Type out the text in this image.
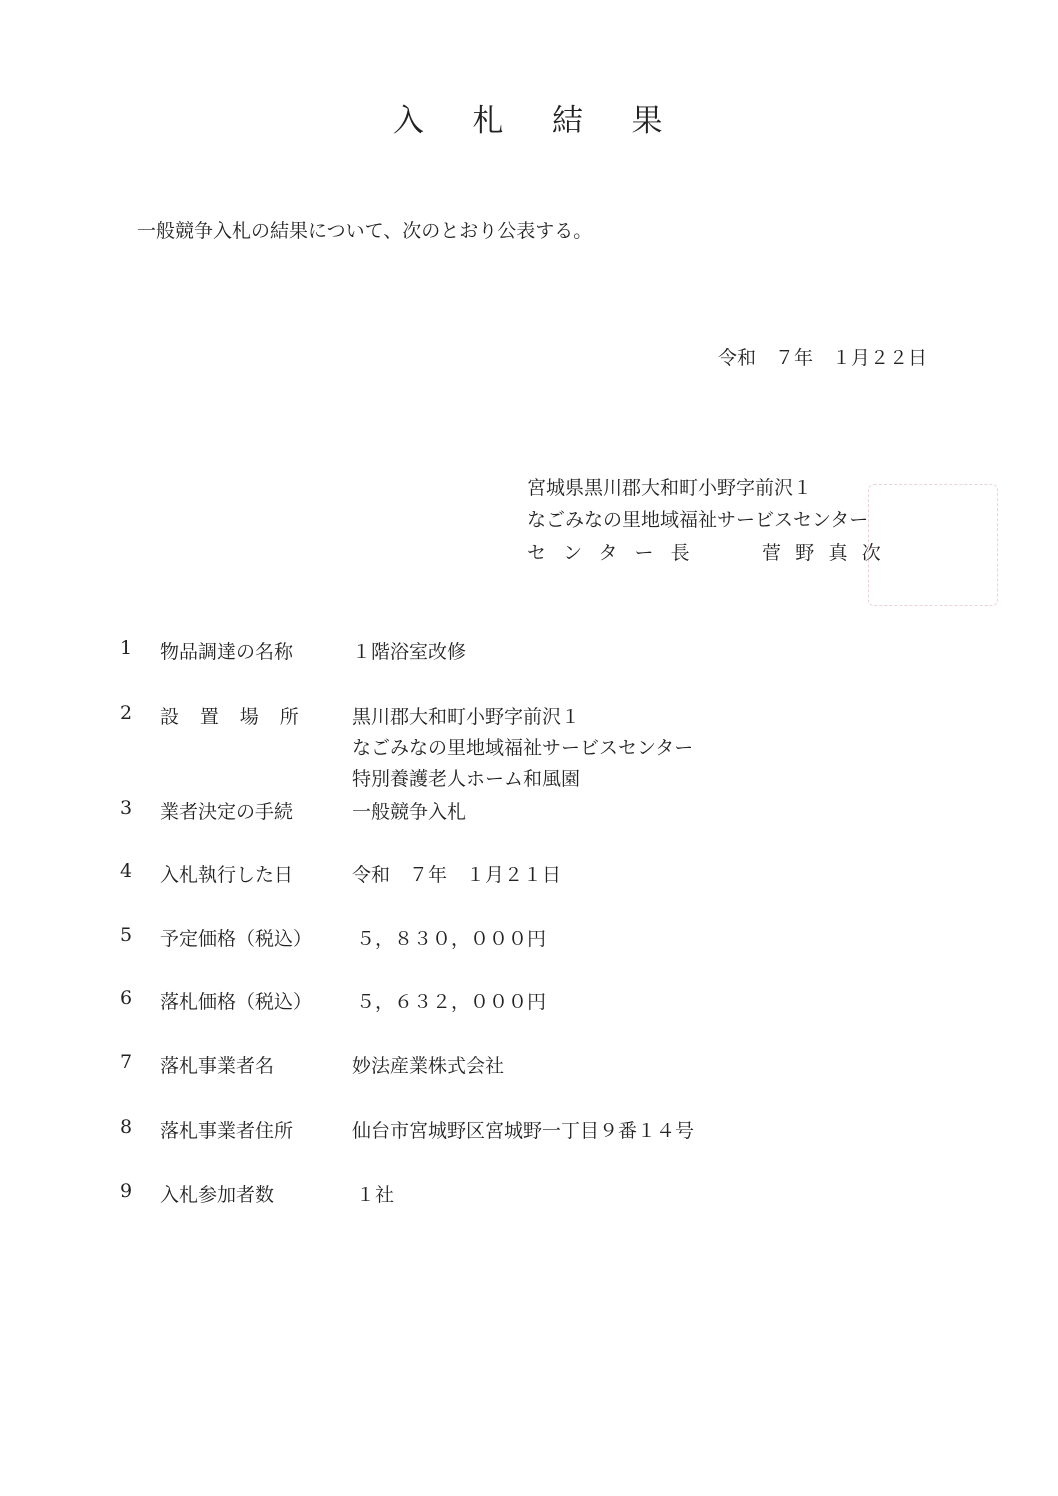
入 札 結 果
一般競争入札の結果について、次のとおり公表する。
令和　７年　１月２２日
宮城県黒川郡大和町小野字前沢１
なごみなの里地域福祉サービスセンター
センター長	菅野真次
1	物品調達の名称	１階浴室改修
2	設置場所 黒川郡大和町小野字前沢１
なごみなの里地域福祉サービスセンター
特別養護老人ホーム和風園
3	業者決定の手続	一般競争入札
4	入札執行した日	令和　７年　１月２１日
5	予定価格（税込） ５，８３０，０００円
6	落札価格（税込） ５，６３２，０００円
7	落札事業者名	妙法産業株式会社
8	落札事業者住所	仙台市宮城野区宮城野一丁目９番１４号
9	入札参加者数	１社
